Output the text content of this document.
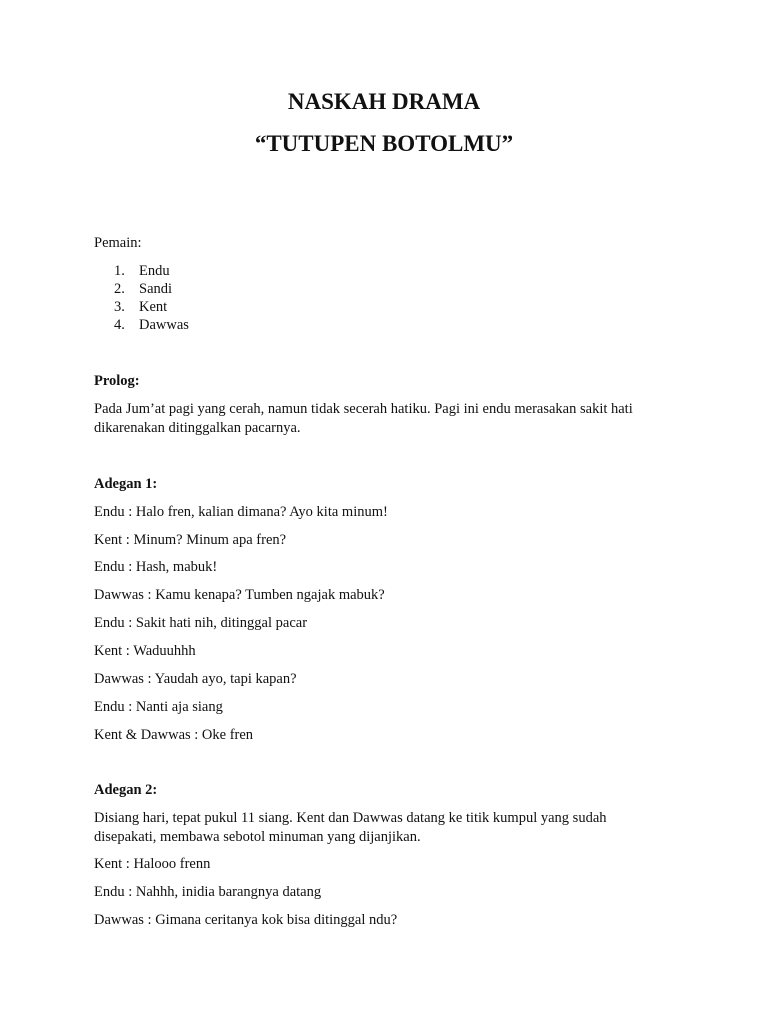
NASKAH DRAMA
“TUTUPEN BOTOLMU”

Pemain:

1. Endu
2. Sandi
3. Kent
4. Dawwas

Prolog:

Pada Jum’at pagi yang cerah, namun tidak secerah hatiku. Pagi ini endu merasakan sakit hati

dikarenakan ditinggalkan pacarnya.

Adegan 1:

Endu : Halo fren, kalian dimana? Ayo kita minum!

Kent : Minum? Minum apa fren?

Endu : Hash, mabuk!

Dawwas : Kamu kenapa? Tumben ngajak mabuk?

Endu : Sakit hati nih, ditinggal pacar

Kent : Waduuhhh

Dawwas : Yaudah ayo, tapi kapan?

Endu : Nanti aja siang

Kent & Dawwas : Oke fren

Adegan 2:

Disiang hari, tepat pukul 11 siang. Kent dan Dawwas datang ke titik kumpul yang sudah

disepakati, membawa sebotol minuman yang dijanjikan.

Kent : Halooo frenn

Endu : Nahhh, inidia barangnya datang

Dawwas : Gimana ceritanya kok bisa ditinggal ndu?
